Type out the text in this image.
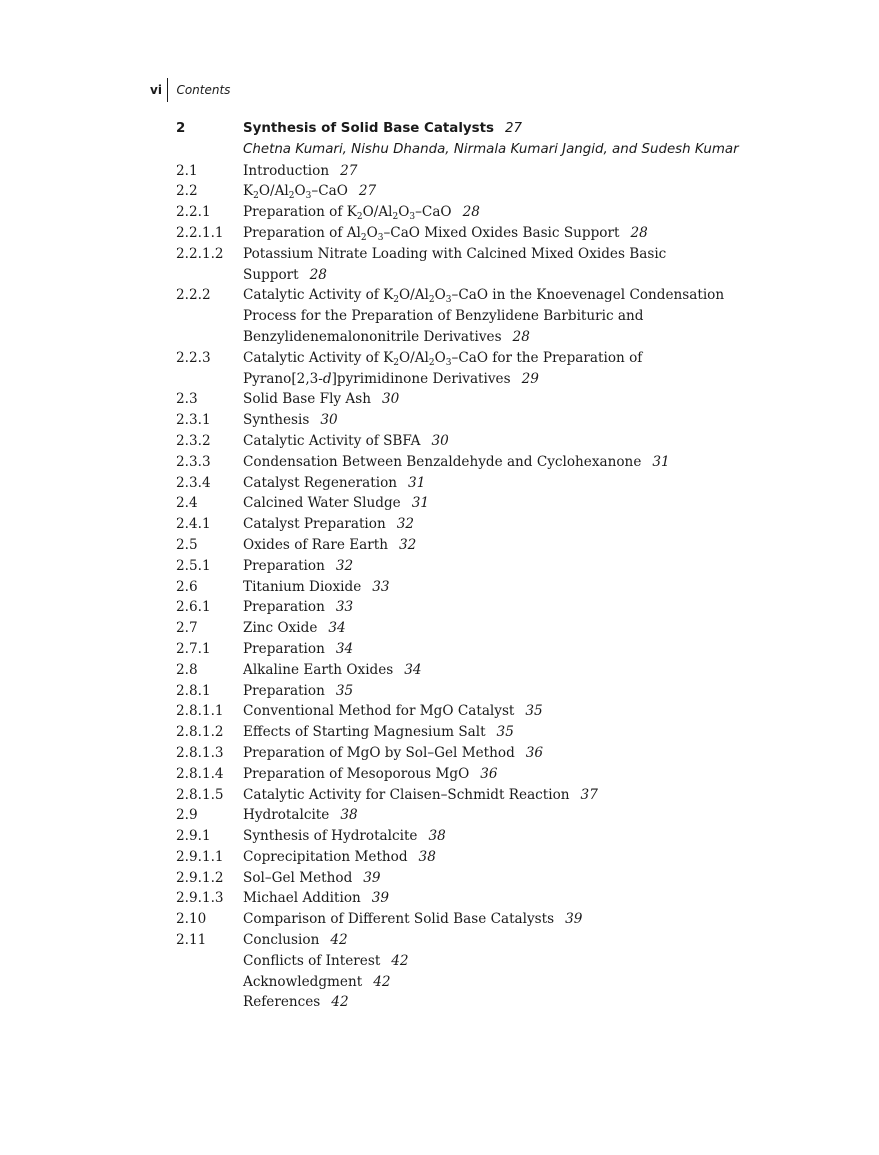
vi	Contents
2	Synthesis of Solid Base Catalysts 27
Chetna Kumari, Nishu Dhanda, Nirmala Kumari Jangid, and Sudesh Kumar
2.1	Introduction 27
2.2	$K_2O/Al_2O_3$–CaO 27
2.2.1	Preparation of $K_2O/Al_2O_3$–CaO 28
2.2.1.1	Preparation of $Al_2O_3$–CaO Mixed Oxides Basic Support 28
2.2.1.2	Potassium Nitrate Loading with Calcined Mixed Oxides Basic
Support 28
2.2.2	Catalytic Activity of $K_2O/Al_2O_3$–CaO in the Knoevenagel Condensation
Process for the Preparation of Benzylidene Barbituric and
Benzylidenemalononitrile Derivatives 28
2.2.3	Catalytic Activity of $K_2O/Al_2O_3$–CaO for the Preparation of
Pyrano[2,3-d]pyrimidinone Derivatives 29
2.3	Solid Base Fly Ash 30
2.3.1	Synthesis 30
2.3.2	Catalytic Activity of SBFA 30
2.3.3	Condensation Between Benzaldehyde and Cyclohexanone 31
2.3.4	Catalyst Regeneration 31
2.4	Calcined Water Sludge 31
2.4.1	Catalyst Preparation 32
2.5	Oxides of Rare Earth 32
2.5.1	Preparation 32
2.6	Titanium Dioxide 33
2.6.1	Preparation 33
2.7	Zinc Oxide 34
2.7.1	Preparation 34
2.8	Alkaline Earth Oxides 34
2.8.1	Preparation 35
2.8.1.1	Conventional Method for MgO Catalyst 35
2.8.1.2	Effects of Starting Magnesium Salt 35
2.8.1.3	Preparation of MgO by Sol–Gel Method 36
2.8.1.4	Preparation of Mesoporous MgO 36
2.8.1.5	Catalytic Activity for Claisen–Schmidt Reaction 37
2.9	Hydrotalcite 38
2.9.1	Synthesis of Hydrotalcite 38
2.9.1.1	Coprecipitation Method 38
2.9.1.2	Sol–Gel Method 39
2.9.1.3	Michael Addition 39
2.10	Comparison of Different Solid Base Catalysts 39
2.11	Conclusion 42
Conflicts of Interest 42
Acknowledgment 42
References 42
